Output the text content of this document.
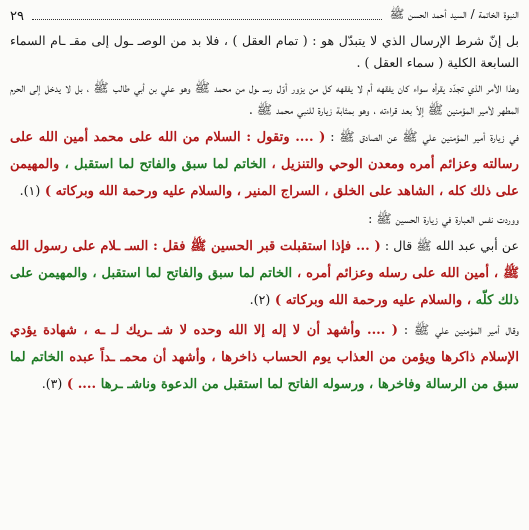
النبوة الخاتمة / السيد أحمد الحسن ﷺ
٢٩

بل إنّ شرط الإرسال الذي لا يتبدّل هو : ( تمام العقل ) ، فلا بد من الوصـ ـول إلى مقـ ـام السماء السابعة الكلية ( سماء العقل ) .

وهذا الأمر الذي تجدّد يقرأه سواء كان يفقهه أم لا يفقهه كل من يزور أوّل رسـ ـول من محمد ﷺ وهو علي بن أبي طالب ﷺ ، بل لا يدخل إلى الحرم المطهر لأمير المؤمنين ﷺ إلاّ بعد قراءته ، وهو بمثابة زيارة للنبي محمد ﷺ .

في زيارة أمير المؤمنين علي ﷺ عن الصادق ﷺ : ( .... وتقول : السلام من الله على محمد أمين الله على رسالته وعزائم أمره ومعدن الوحي والتنزيل ، الخاتم لما سبق والفاتح لما استقبل ، والمهيمن على ذلك كله ، الشاهد على الخلق ، السراج المنير ، والسلام عليه ورحمة الله وبركاته ) (١).

ووردت نفس العبارة في زيارة الحسين ﷺ :

عن أبي عبد الله ﷺ قال : ( ... فإذا استقبلت قبر الحسين ﷺ فقل : السـ ـلام على رسول الله ﷺ ، أمين الله على رسله وعزائم أمره ، الخاتم لما سبق والفاتح لما استقبل ، والمهيمن على ذلك كلّه ، والسلام عليه ورحمة الله وبركاته ) (٢).

وقال أمير المؤمنين علي ﷺ : ( .... وأشهد أن لا إله إلا الله وحده لا شـ ـريك لـ ـه ، شهادة يؤدي الإسلام ذاكرها ويؤمن من العذاب يوم الحساب ذاخرها ، وأشهد أن محمـ ـداً عبده الخاتم لما سبق من الرسالة وفاخرها ، ورسوله الفاتح لما استقبل من الدعوة وناشـ ـرها .... ) (٣).
